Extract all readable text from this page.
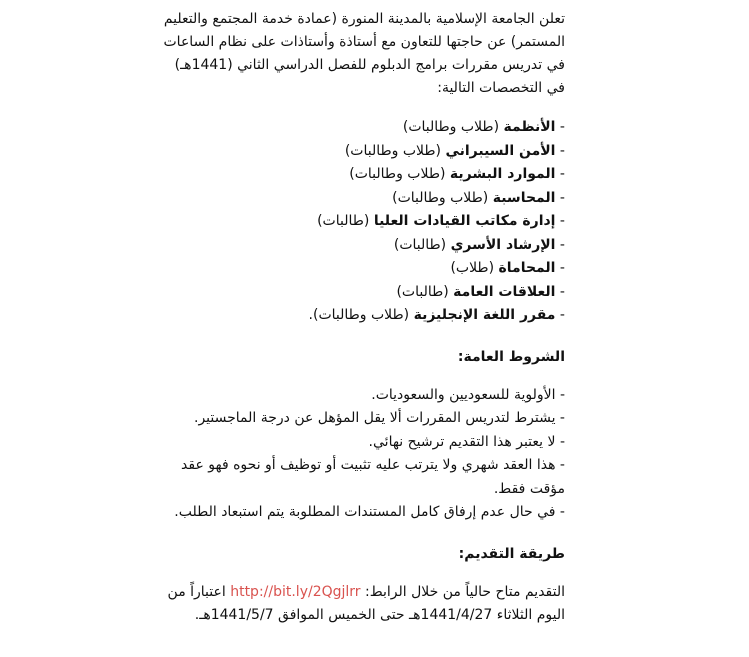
تعلن الجامعة الإسلامية بالمدينة المنورة (عمادة خدمة المجتمع والتعليم المستمر) عن حاجتها للتعاون مع أستاذة وأستاذات على نظام الساعات في تدريس مقررات برامج الدبلوم للفصل الدراسي الثاني (1441هـ) في التخصصات التالية:

- الأنظمة (طلاب وطالبات)
- الأمن السيبراني (طلاب وطالبات)
- الموارد البشرية (طلاب وطالبات)
- المحاسبة (طلاب وطالبات)
- إدارة مكاتب القيادات العليا (طالبات)
- الإرشاد الأسري (طالبات)
- المحاماة (طلاب)
- العلاقات العامة (طالبات)
- مقرر اللغة الإنجليزية (طلاب وطالبات).
الشروط العامة:
- الأولوية للسعوديين والسعوديات.
- يشترط لتدريس المقررات ألا يقل المؤهل عن درجة الماجستير.
- لا يعتبر هذا التقديم ترشيح نهائي.
- هذا العقد شهري ولا يترتب عليه تثبيت أو توظيف أو نحوه فهو عقد مؤقت فقط.
- في حال عدم إرفاق كامل المستندات المطلوبة يتم استبعاد الطلب.
طريقة التقديم:

التقديم متاح حالياً من خلال الرابط: http://bit.ly/2Qgjlrr اعتباراً من اليوم الثلاثاء 1441/4/27هـ حتى الخميس الموافق 1441/5/7هـ.
